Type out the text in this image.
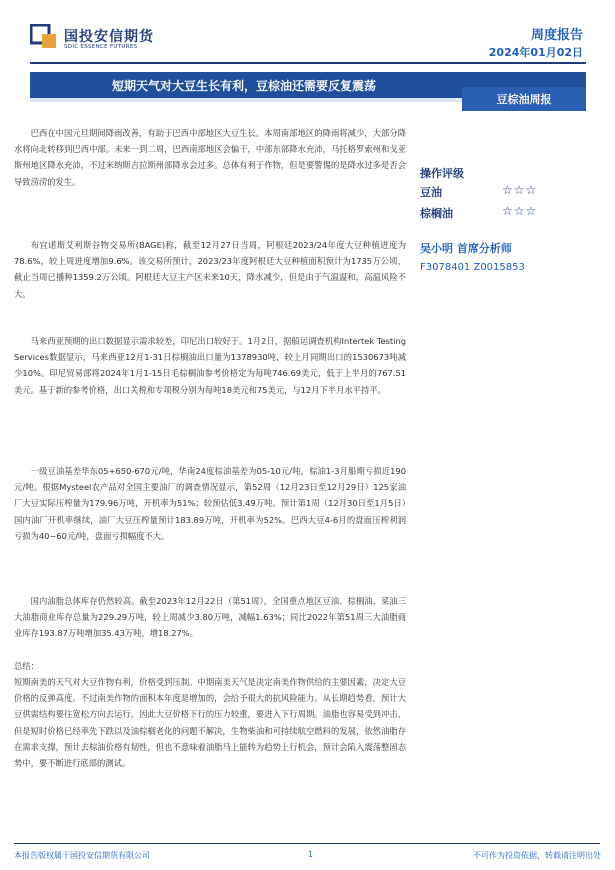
国投安信期货
SDIC ESSENCE FUTURES
周度报告
2024年01月02日
短期天气对大豆生长有利，豆棕油还需要反复震荡
豆棕油周报
巴西在中国元旦期间降雨改善，有助于巴西中部地区大豆生长。本周南部地区的降雨将减少，大部分降水将向北转移到巴西中部。未来一到二周，巴西南部地区会偏干，中部东部降水充沛，马托格罗索州和戈亚斯州地区降水充沛，不过米纳斯吉拉斯州部降水会过多。总体有利于作物，但是要警惕的是降水过多是否会导致涝涝的发生。
布宜诺斯艾利斯谷物交易所(BAGE)称，截至12月27日当周，阿根廷2023/24年度大豆种植进度为78.6%，较上周进度增加9.6%。该交易所预计，2023/23年度阿根廷大豆种植面积预计为1735万公顷，截止当周已播种1359.2万公顷。阿根廷大豆主产区未来10天，降水减少，但是由于气温温和，高温风险不大。
马来西亚预期的出口数据显示需求较差，印尼出口较好于。1月2日，据船运调查机构Intertek Testing Services数据显示，马来西亚12月1-31日棕榈油出口量为1378930吨，较上月同期出口的1530673吨减少10%。印尼贸易部将2024年1月1-15日毛棕榈油参考价格定为每吨746.69美元，低于上半月的767.51美元。基于新的参考价格，出口关税和专项税分别为每吨18美元和75美元，与12月下半月水平持平。
一级豆油基差华东05+650-670元/吨，华南24度棕油基差为05-10元/吨，棕油1-3月船期亏损近190元/吨。根据Mysteel农产品对全国主要油厂的调查情况显示，第52周（12月23日至12月29日）125家油厂大豆实际压榨量为179.96万吨，开机率为51%；较预估低3.49万吨。预计第1周（12月30日至1月5日）国内油厂开机率继续，油厂大豆压榨量预计183.89万吨，开机率为52%。巴西大豆4-6月的盘面压榨利润亏损为40~60元/吨，盘面亏损幅度不大。
国内油脂总体库存仍然较高。截至2023年12月22日（第51周），全国重点地区豆油、棕榈油、菜油三大油脂商业库存总量为229.29万吨，较上周减少3.80万吨，减幅1.63%；同比2022年第51周三大油脂商业库存193.87万吨增加35.43万吨，增18.27%。
总结：
短期南美的天气对大豆作物有利，价格受到压制。中期南美天气是决定南美作物供给的主要因素，决定大豆价格的反弹高度。不过南美作物的面积本年度是增加的，会给予很大的抗风险能力。从长期趋势看，预计大豆供需结构要往宽松方向去运行，因此大豆价格下行的压力较重，要进入下行周期。油脂也容易受到冲击，但是短时价格已经率先下跌以及油棕榈老化的问题不解决，生物柴油和可持续航空燃料的发展，依然油脂存在需求支撑，预计去棕油价格有韧性，但也不意味着油脂马上能转为趋势上行机会，预计会陷入震荡整固态势中，要不断进行底部的测试。
操作评级
豆油	☆☆☆
棕榈油	☆☆☆
吴小明 首席分析师
F3078401 Z0015853
本报告版权属于国投安信期货有限公司	1	不可作为投资依据，转载请注明出处
